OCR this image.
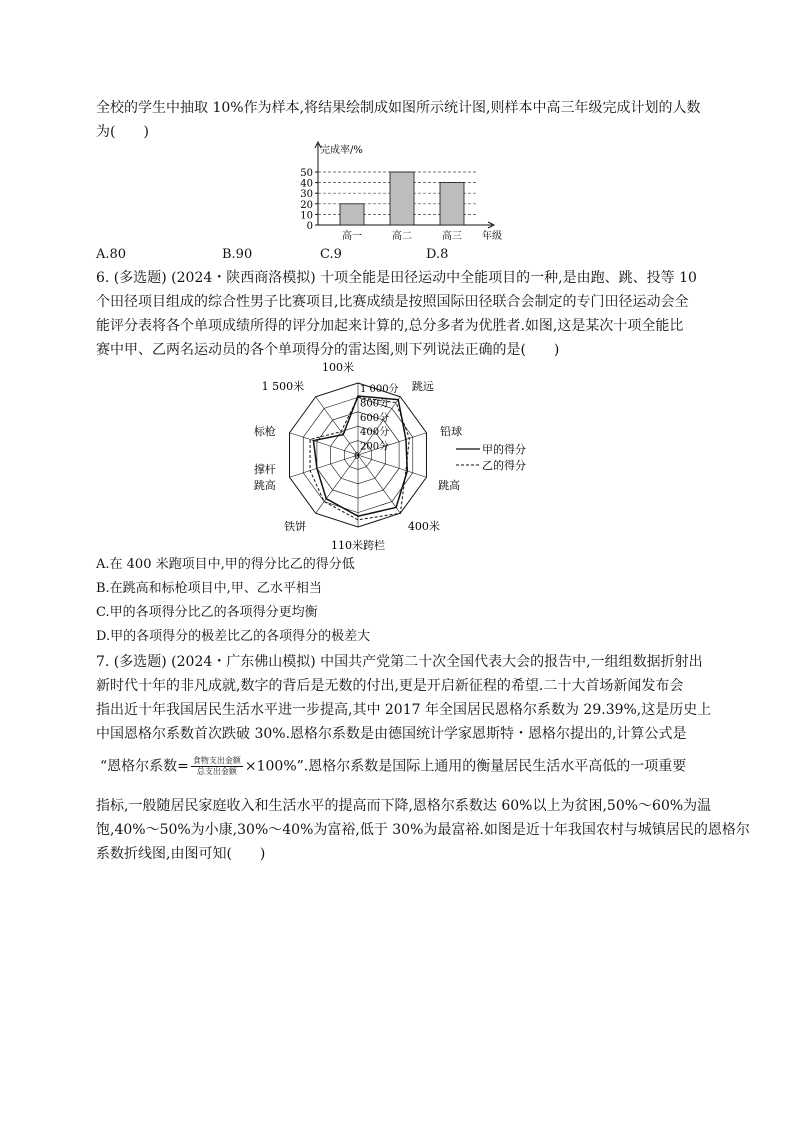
全校的学生中抽取 10%作为样本,将结果绘制成如图所示统计图,则样本中高三年级完成计划的人数
为(　　)
0
10
20
30
40
50
完成率/%
高一	高二	高三 年级
A.80	B.90	C.9	D.8
6. (多选题) (2024・陕西商洛模拟) 十项全能是田径运动中全能项目的一种,是由跑、跳、投等 10
个田径项目组成的综合性男子比赛项目,比赛成绩是按照国际田径联合会制定的专门田径运动会全
能评分表将各个单项成绩所得的评分加起来计算的,总分多者为优胜者.如图,这是某次十项全能比
赛中甲、乙两名运动员的各个单项得分的雷达图,则下列说法正确的是(　　)
200分
400分
600分
800分
1 000分
0
100米
跳远
铅球
跳高
400米
110米跨栏
铁饼
撑杆
跳高
标枪
1 500米
甲的得分
乙的得分
A.在 400 米跑项目中,甲的得分比乙的得分低
B.在跳高和标枪项目中,甲、乙水平相当
C.甲的各项得分比乙的各项得分更均衡
D.甲的各项得分的极差比乙的各项得分的极差大
7. (多选题) (2024・广东佛山模拟) 中国共产党第二十次全国代表大会的报告中,一组组数据折射出
新时代十年的非凡成就,数字的背后是无数的付出,更是开启新征程的希望.二十大首场新闻发布会
指出近十年我国居民生活水平进一步提高,其中 2017 年全国居民恩格尔系数为 29.39%,这是历史上
中国恩格尔系数首次跌破 30%.恩格尔系数是由德国统计学家恩斯特・恩格尔提出的,计算公式是
“恩格尔系数= $\frac{\text{食物支出金额}}{\text{总支出金额}} \times 100\%$”.恩格尔系数是国际上通用的衡量居民生活水平高低的一项重要
指标,一般随居民家庭收入和生活水平的提高而下降,恩格尔系数达 60%以上为贫困,50%～60%为温
饱,40%～50%为小康,30%～40%为富裕,低于 30%为最富裕.如图是近十年我国农村与城镇居民的恩格尔
系数折线图,由图可知(　　)
